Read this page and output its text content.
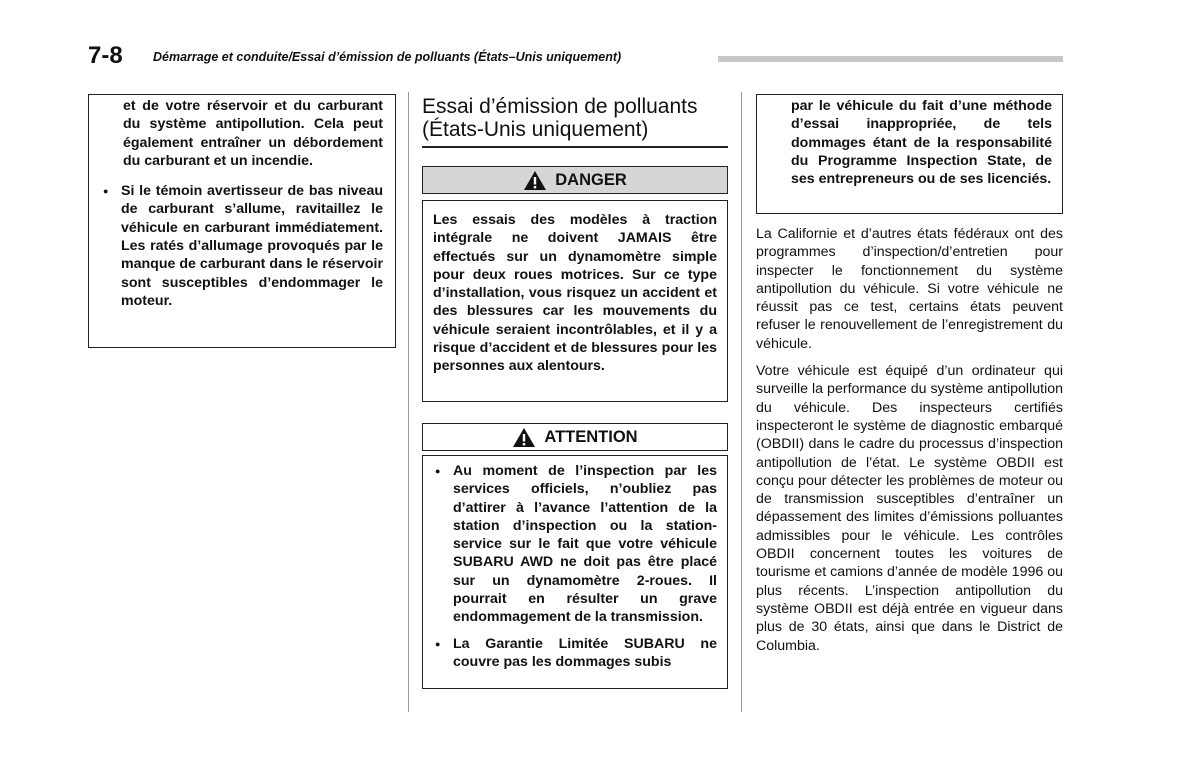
7-8 Démarrage et conduite/Essai d’émission de polluants (États–Unis uniquement)

et de votre réservoir et du carburant du système antipollution. Cela peut également entraîner un débordement du carburant et un incendie.

● Si le témoin avertisseur de bas niveau de carburant s’allume, ravitaillez le véhicule en carburant immédiatement. Les ratés d’allumage provoqués par le manque de carburant dans le réservoir sont susceptibles d’endommager le moteur.
Essai d’émission de polluants (États-Unis uniquement)
DANGER

Les essais des modèles à traction intégrale ne doivent JAMAIS être effectués sur un dynamomètre simple pour deux roues motrices. Sur ce type d’installation, vous risquez un accident et des blessures car les mouvements du véhicule seraient incontrôlables, et il y a risque d’accident et de blessures pour les personnes aux alentours.

ATTENTION
● Au moment de l’inspection par les services officiels, n’oubliez pas d’attirer à l’avance l’attention de la station d’inspection ou la station-service sur le fait que votre véhicule SUBARU AWD ne doit pas être placé sur un dynamomètre 2-roues. Il pourrait en résulter un grave endommagement de la transmission.
● La Garantie Limitée SUBARU ne couvre pas les dommages subis

par le véhicule du fait d’une méthode d’essai inappropriée, de tels dommages étant de la responsabilité du Programme Inspection State, de ses entrepreneurs ou de ses licenciés.

La Californie et d’autres états fédéraux ont des programmes d’inspection/d’entretien pour inspecter le fonctionnement du système antipollution du véhicule. Si votre véhicule ne réussit pas ce test, certains états peuvent refuser le renouvellement de l’enregistrement du véhicule.

Votre véhicule est équipé d’un ordinateur qui surveille la performance du système antipollution du véhicule. Des inspecteurs certifiés inspecteront le système de diagnostic embarqué (OBDII) dans le cadre du processus d’inspection antipollution de l’état. Le système OBDII est conçu pour détecter les problèmes de moteur ou de transmission susceptibles d’entraîner un dépassement des limites d’émissions polluantes admissibles pour le véhicule. Les contrôles OBDII concernent toutes les voitures de tourisme et camions d’année de modèle 1996 ou plus récents. L’inspection antipollution du système OBDII est déjà entrée en vigueur dans plus de 30 états, ainsi que dans le District de Columbia.
